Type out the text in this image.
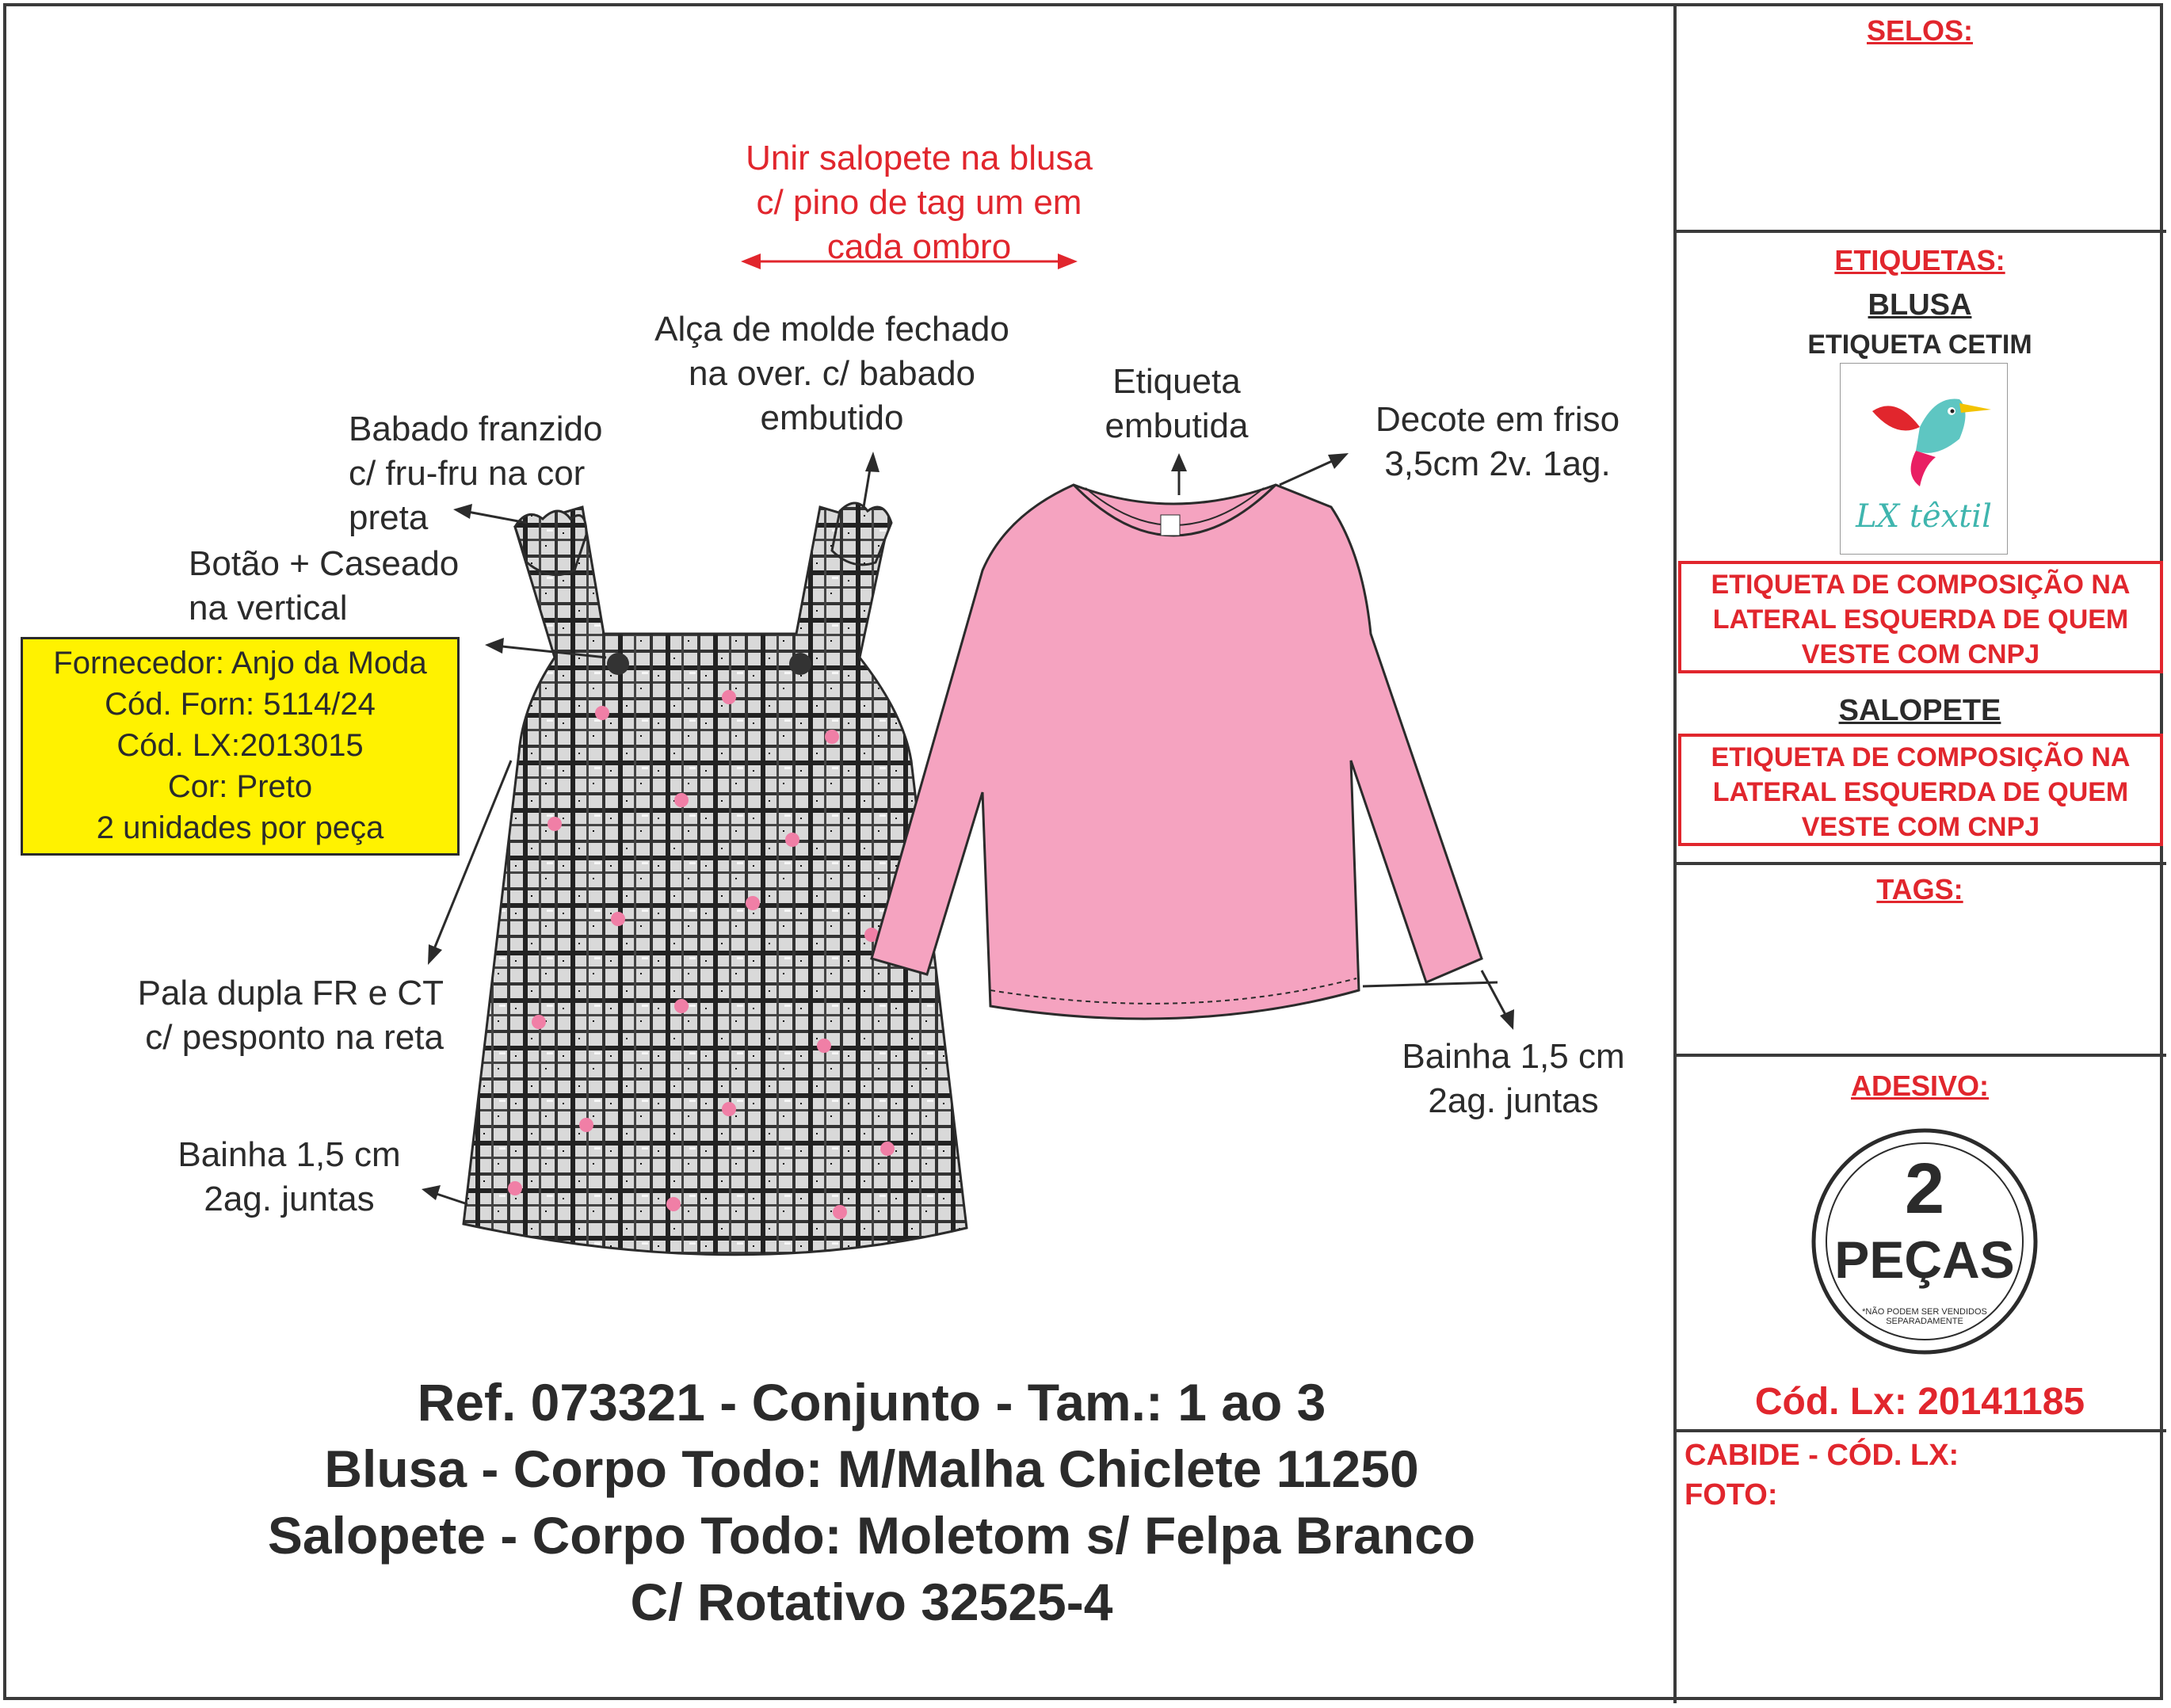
Unir salopete na blusa
c/ pino de tag um em
cada ombro
Alça de molde fechado
na over. c/ babado
embutido
Etiqueta
embutida	Decote em friso
3,5cm 2v. 1ag.
Babado franzido
c/ fru-fru na cor
preta
Botão + Caseado
na vertical
Fornecedor: Anjo da Moda
Cód. Forn: 5114/24
Cód. LX:2013015
Cor: Preto
2 unidades por peça
Pala dupla FR e CT
c/ pesponto na reta
Bainha 1,5 cm
2ag. juntas
Bainha 1,5 cm
2ag. juntas
Ref. 073321 - Conjunto - Tam.: 1 ao 3
Blusa - Corpo Todo: M/Malha Chiclete 11250
Salopete - Corpo Todo: Moletom s/ Felpa Branco
C/ Rotativo 32525-4
SELOS:
ETIQUETAS:
BLUSA
ETIQUETA CETIM
LX têxtil
ETIQUETA DE COMPOSIÇÃO NA
LATERAL ESQUERDA DE QUEM
VESTE COM CNPJ
SALOPETE
ETIQUETA DE COMPOSIÇÃO NA
LATERAL ESQUERDA DE QUEM
VESTE COM CNPJ
TAGS:
ADESIVO:
2
PEÇAS
*NÃO PODEM SER VENDIDOS SEPARADAMENTE
Cód. Lx: 20141185
CABIDE - CÓD. LX:
FOTO:
